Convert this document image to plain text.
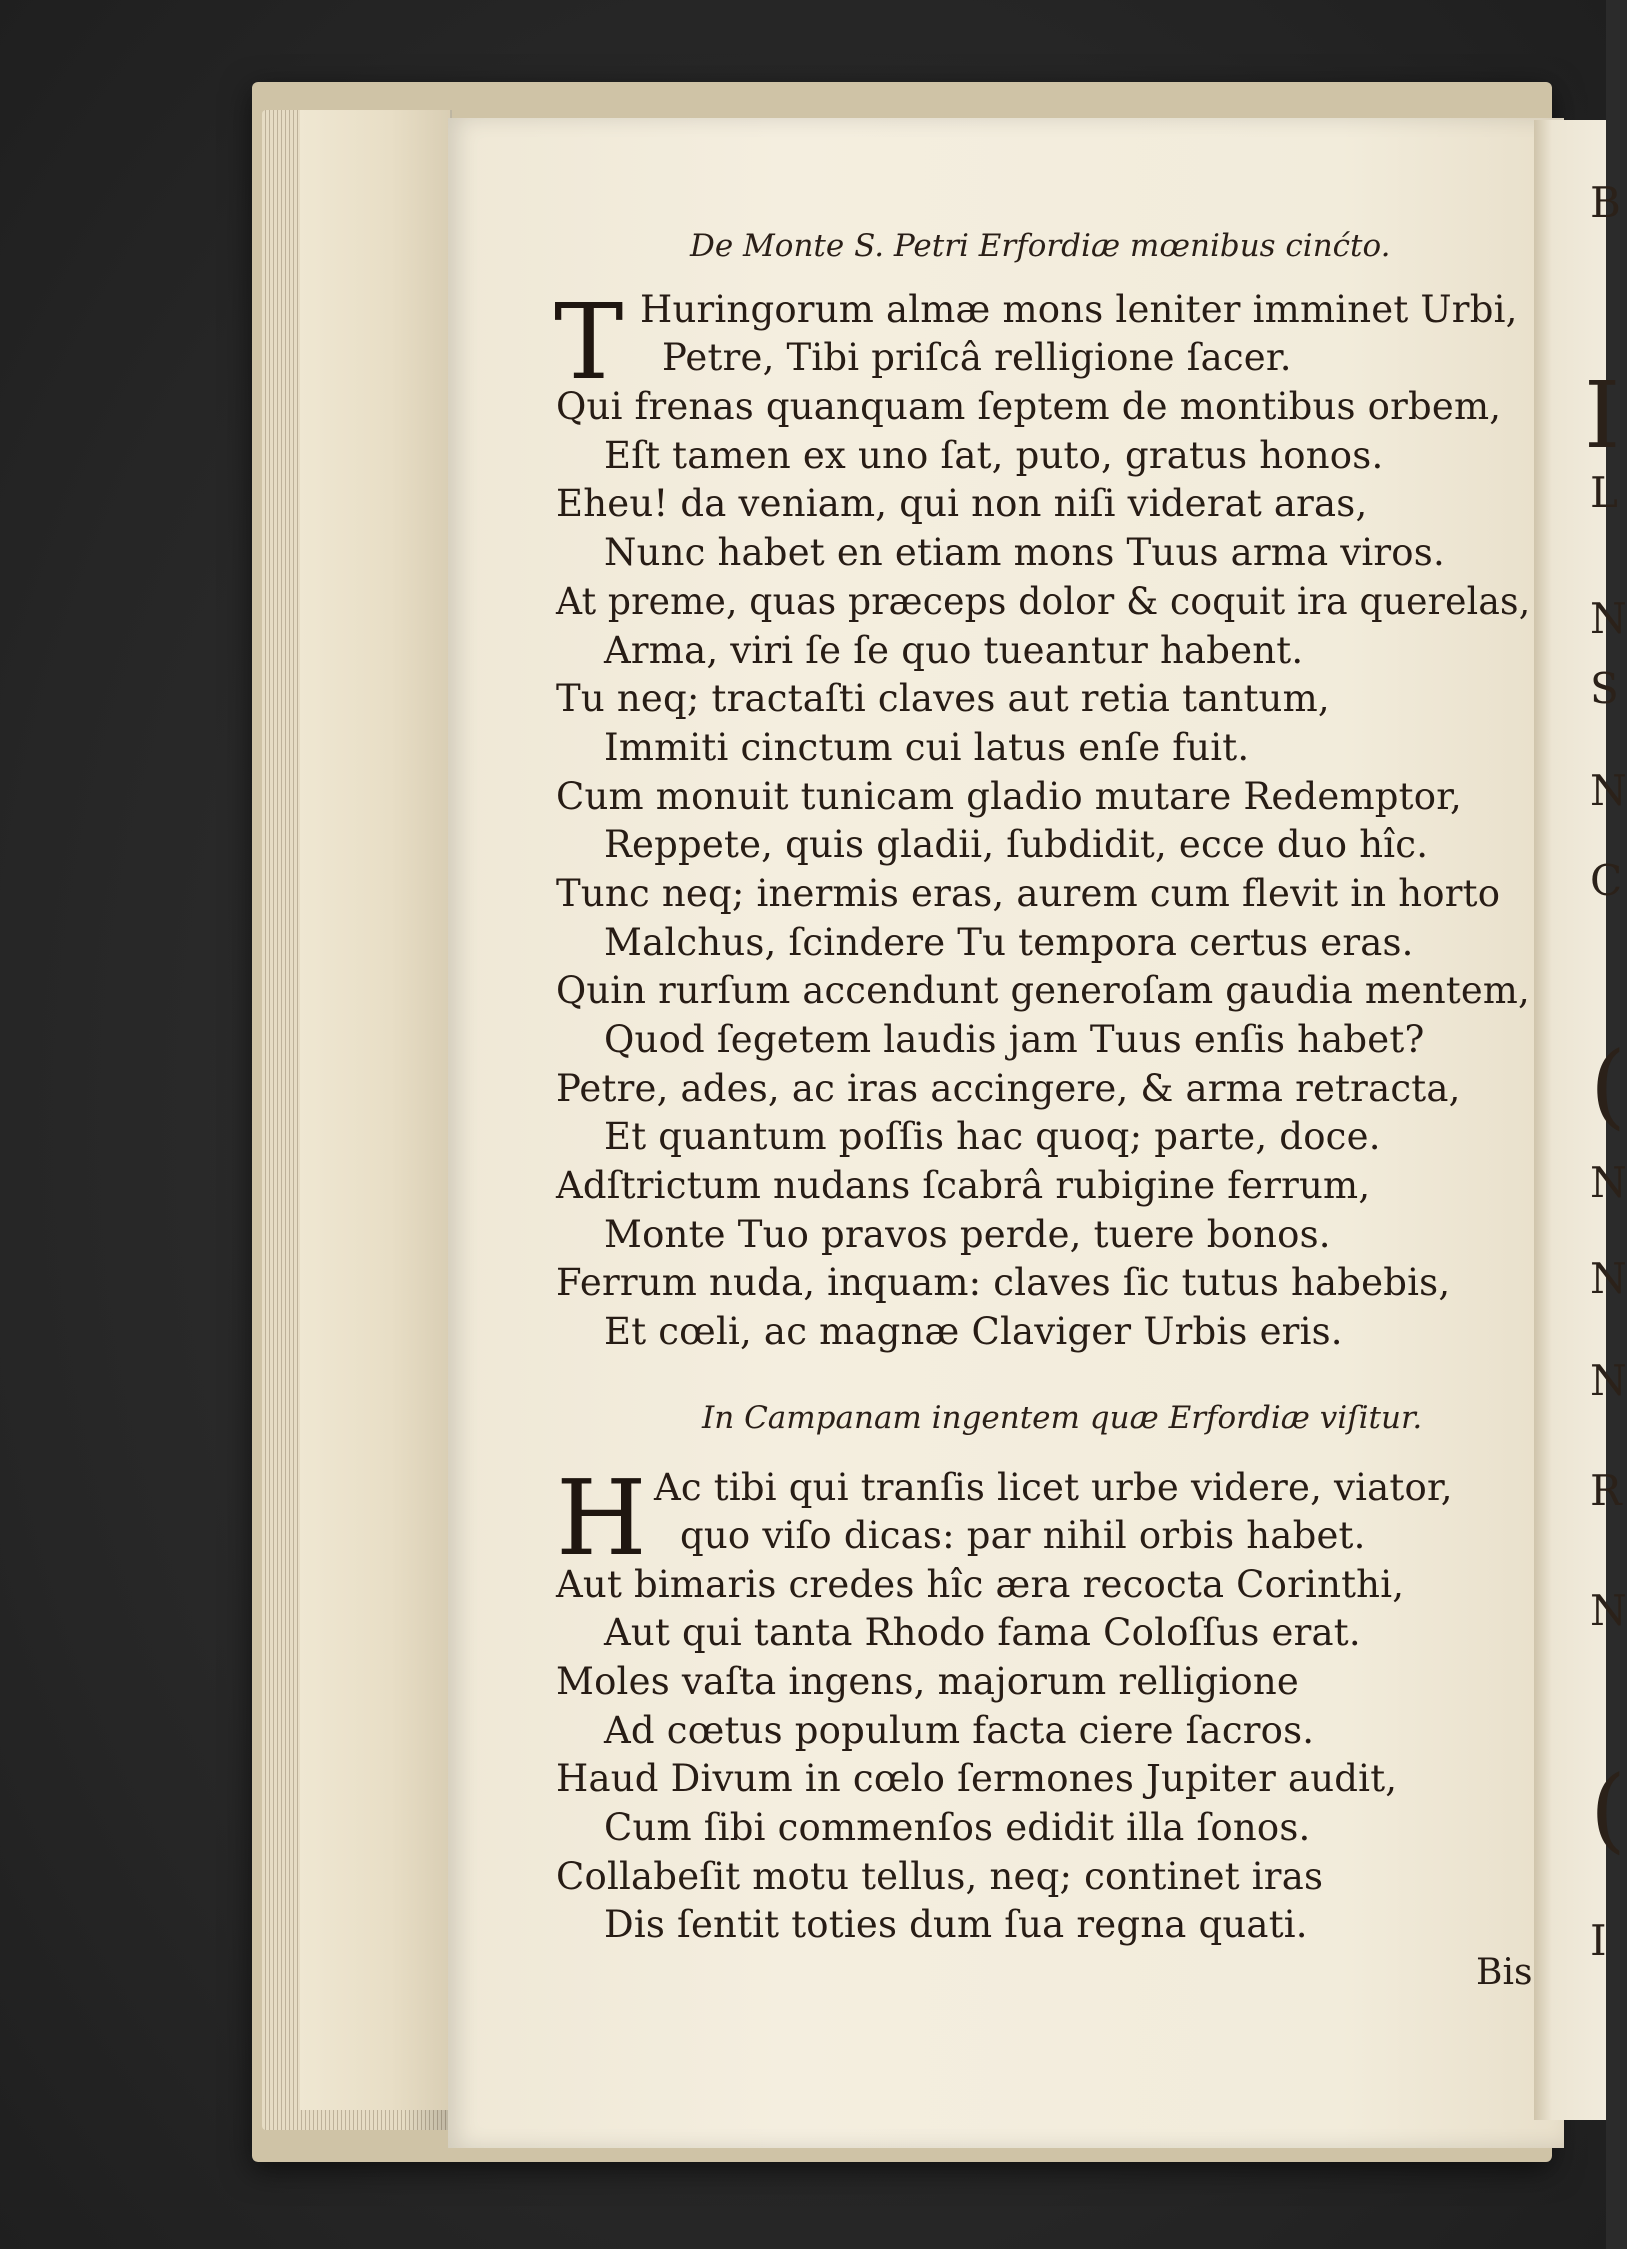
B
I
L
N
S
N
C
(
N
N
N
R
N
(
I
De Monte S. Petri Erfordiæ mœnibus cinćto.
T Huringorum almæ mons leniter imminet Urbi,
Petre, Tibi priſcâ relligione ſacer.
Qui frenas quanquam ſeptem de montibus orbem,
Eſt tamen ex uno ſat, puto, gratus honos.
Eheu! da veniam, qui non niſi viderat aras,
Nunc habet en etiam mons Tuus arma viros.
At preme, quas præceps dolor & coquit ira querelas,
Arma, viri ſe ſe quo tueantur habent.
Tu neq; tractaſti claves aut retia tantum,
Immiti cinctum cui latus enſe fuit.
Cum monuit tunicam gladio mutare Redemptor,
Reppete, quis gladii, ſubdidit, ecce duo hîc.
Tunc neq; inermis eras, aurem cum flevit in horto
Malchus, ſcindere Tu tempora certus eras.
Quin rurſum accendunt generoſam gaudia mentem,
Quod ſegetem laudis jam Tuus enſis habet?
Petre, ades, ac iras accingere, & arma retracta,
Et quantum poſſis hac quoq; parte, doce.
Adſtrictum nudans ſcabrâ rubigine ferrum,
Monte Tuo pravos perde, tuere bonos.
Ferrum nuda, inquam: claves ſic tutus habebis,
Et cœli, ac magnæ Claviger Urbis eris.
In Campanam ingentem quæ Erfordiæ viſitur.
H Ac tibi qui tranſis licet urbe videre, viator,
quo viſo dicas: par nihil orbis habet.
Aut bimaris credes hîc æra recocta Corinthi,
Aut qui tanta Rhodo fama Coloſſus erat.
Moles vaſta ingens, majorum relligione
Ad cœtus populum facta ciere ſacros.
Haud Divum in cœlo ſermones Jupiter audit,
Cum ſibi commenſos edidit illa ſonos.
Collabeſit motu tellus, neq; continet iras
Dis ſentit toties dum ſua regna quati.
Bis
